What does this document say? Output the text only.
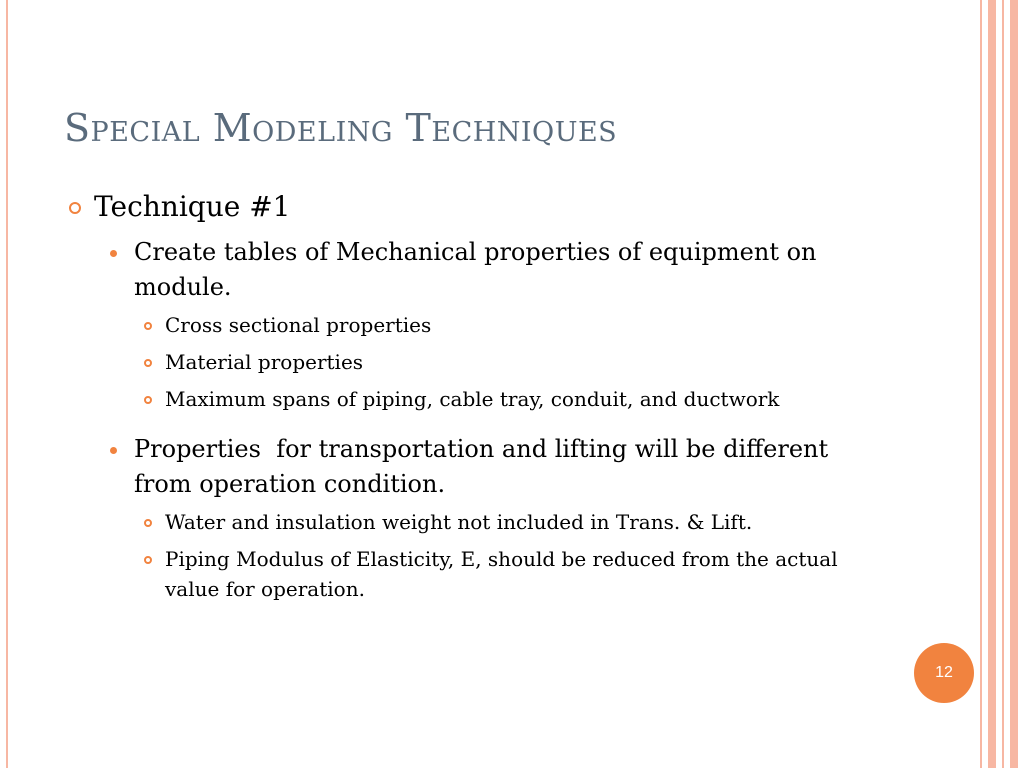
Special Modeling Techniques
Technique #1
Create tables of Mechanical properties of equipment on module.
Cross sectional properties
Material properties
Maximum spans of piping, cable tray, conduit, and ductwork
Properties  for transportation and lifting will be different from operation condition.
Water and insulation weight not included in Trans. & Lift.
Piping Modulus of Elasticity, E, should be reduced from the actual value for operation.
12
